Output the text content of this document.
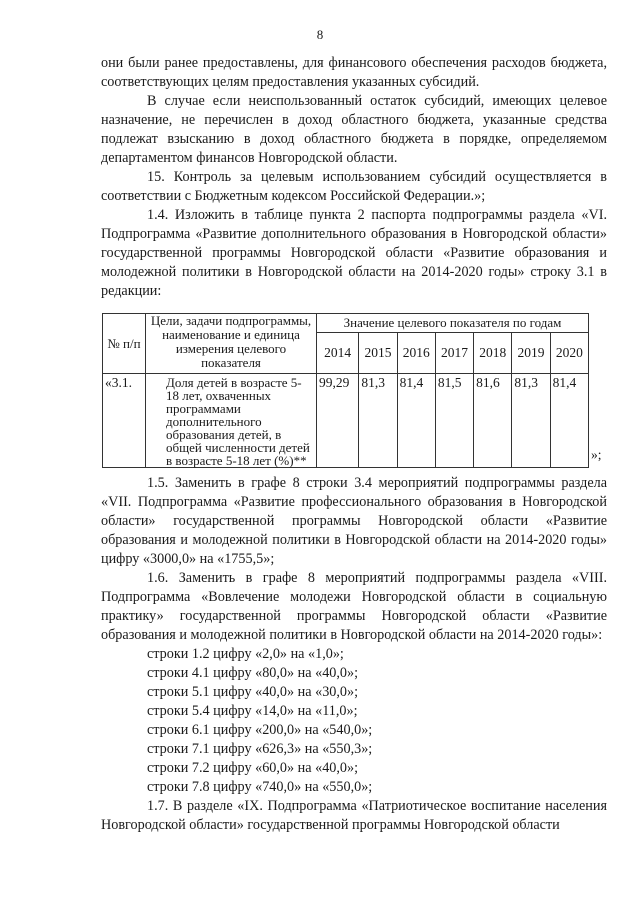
8

они были ранее предоставлены, для финансового обеспечения расходов бюджета, соответствующих целям предоставления указанных субсидий.

В случае если неиспользованный остаток субсидий, имеющих целевое назначение, не перечислен в доход областного бюджета, указанные средства подлежат взысканию в доход областного бюджета в порядке, определяемом департаментом финансов Новгородской области.

15. Контроль за целевым использованием субсидий осуществляется в соответствии с Бюджетным кодексом Российской Федерации.»;

1.4. Изложить в таблице пункта 2 паспорта подпрограммы раздела «VI. Подпрограмма «Развитие дополнительного образования в Новгородской области» государственной программы Новгородской области «Развитие образования и молодежной политики в Новгородской области на 2014-2020 годы» строку 3.1 в редакции:

№ п/п	Цели, задачи подпрограммы, наименование и единица измерения целевого показателя	Значение целевого показателя по годам						
		2014	2015	2016	2017	2018	2019	2020
«3.1.	Доля детей в возрасте 5-18 лет, охваченных программами дополнительного образования детей, в общей численности детей в возрасте 5-18 лет (%)**	99,29	81,3	81,4	81,5	81,6	81,3	81,4
»;

1.5. Заменить в графе 8 строки 3.4 мероприятий подпрограммы раздела «VII. Подпрограмма «Развитие профессионального образования в Новгородской области» государственной программы Новгородской области «Развитие образования и молодежной политики в Новгородской области на 2014-2020 годы» цифру «3000,0» на «1755,5»;

1.6. Заменить в графе 8 мероприятий подпрограммы раздела «VIII. Подпрограмма «Вовлечение молодежи Новгородской области в социальную практику» государственной программы Новгородской области «Развитие образования и молодежной политики в Новгородской области на 2014-2020 годы»:

строки 1.2 цифру «2,0» на «1,0»;
строки 4.1 цифру «80,0» на «40,0»;
строки 5.1 цифру «40,0» на «30,0»;
строки 5.4 цифру «14,0» на «11,0»;
строки 6.1 цифру «200,0» на «540,0»;
строки 7.1 цифру «626,3» на «550,3»;
строки 7.2 цифру «60,0» на «40,0»;
строки 7.8 цифру «740,0» на «550,0»;

1.7. В разделе «IX. Подпрограмма «Патриотическое воспитание населения Новгородской области» государственной программы Новгородской области
